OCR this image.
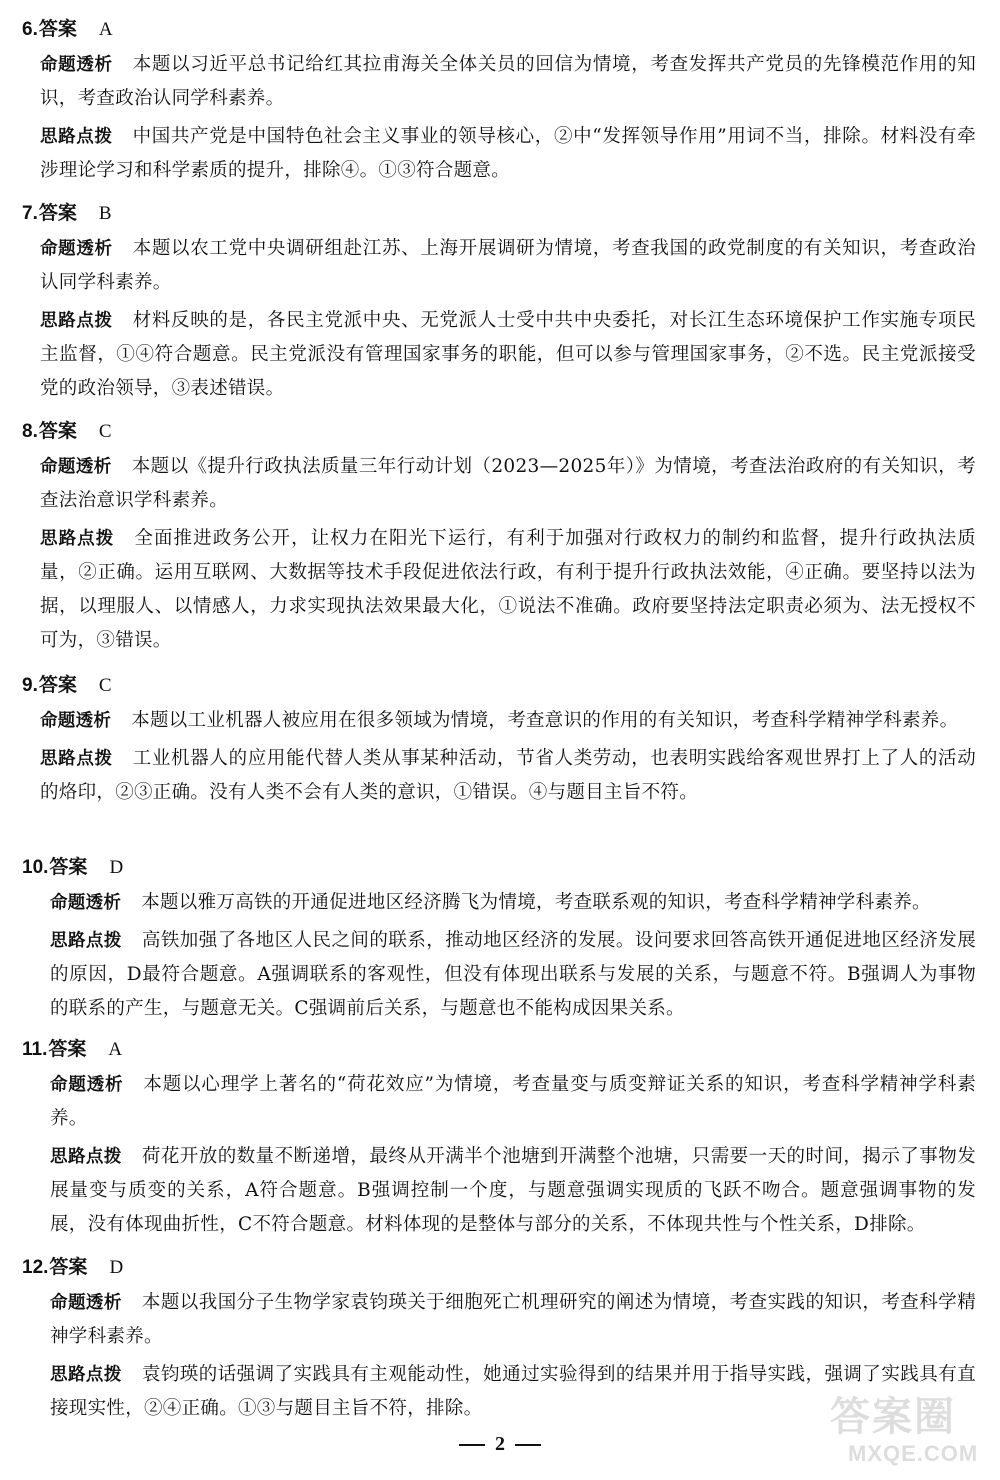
6.答案 A
命题透析 本题以习近平总书记给红其拉甫海关全体关员的回信为情境，考查发挥共产党员的先锋模范作用的知识，考查政治认同学科素养。
思路点拨 中国共产党是中国特色社会主义事业的领导核心，②中“发挥领导作用”用词不当，排除。材料没有牵涉理论学习和科学素质的提升，排除④。①③符合题意。
7.答案 B
命题透析 本题以农工党中央调研组赴江苏、上海开展调研为情境，考查我国的政党制度的有关知识，考查政治认同学科素养。
思路点拨 材料反映的是，各民主党派中央、无党派人士受中共中央委托，对长江生态环境保护工作实施专项民主监督，①④符合题意。民主党派没有管理国家事务的职能，但可以参与管理国家事务，②不选。民主党派接受党的政治领导，③表述错误。
8.答案 C
命题透析 本题以《提升行政执法质量三年行动计划（2023—2025年）》为情境，考查法治政府的有关知识，考查法治意识学科素养。
思路点拨 全面推进政务公开，让权力在阳光下运行，有利于加强对行政权力的制约和监督，提升行政执法质量，②正确。运用互联网、大数据等技术手段促进依法行政，有利于提升行政执法效能，④正确。要坚持以法为据，以理服人、以情感人，力求实现执法效果最大化，①说法不准确。政府要坚持法定职责必须为、法无授权不可为，③错误。
9.答案 C
命题透析 本题以工业机器人被应用在很多领域为情境，考查意识的作用的有关知识，考查科学精神学科素养。
思路点拨 工业机器人的应用能代替人类从事某种活动，节省人类劳动，也表明实践给客观世界打上了人的活动的烙印，②③正确。没有人类不会有人类的意识，①错误。④与题目主旨不符。
10.答案 D
命题透析 本题以雅万高铁的开通促进地区经济腾飞为情境，考查联系观的知识，考查科学精神学科素养。
思路点拨 高铁加强了各地区人民之间的联系，推动地区经济的发展。设问要求回答高铁开通促进地区经济发展的原因，D最符合题意。A强调联系的客观性，但没有体现出联系与发展的关系，与题意不符。B强调人为事物的联系的产生，与题意无关。C强调前后关系，与题意也不能构成因果关系。
11.答案 A
命题透析 本题以心理学上著名的“荷花效应”为情境，考查量变与质变辩证关系的知识，考查科学精神学科素养。
思路点拨 荷花开放的数量不断递增，最终从开满半个池塘到开满整个池塘，只需要一天的时间，揭示了事物发展量变与质变的关系，A符合题意。B强调控制一个度，与题意强调实现质的飞跃不吻合。题意强调事物的发展，没有体现曲折性，C不符合题意。材料体现的是整体与部分的关系，不体现共性与个性关系，D排除。
12.答案 D
命题透析 本题以我国分子生物学家袁钧瑛关于细胞死亡机理研究的阐述为情境，考查实践的知识，考查科学精神学科素养。
思路点拨 袁钧瑛的话强调了实践具有主观能动性，她通过实验得到的结果并用于指导实践，强调了实践具有直接现实性，②④正确。①③与题目主旨不符，排除。	答案圈
MXQE.COM
2
